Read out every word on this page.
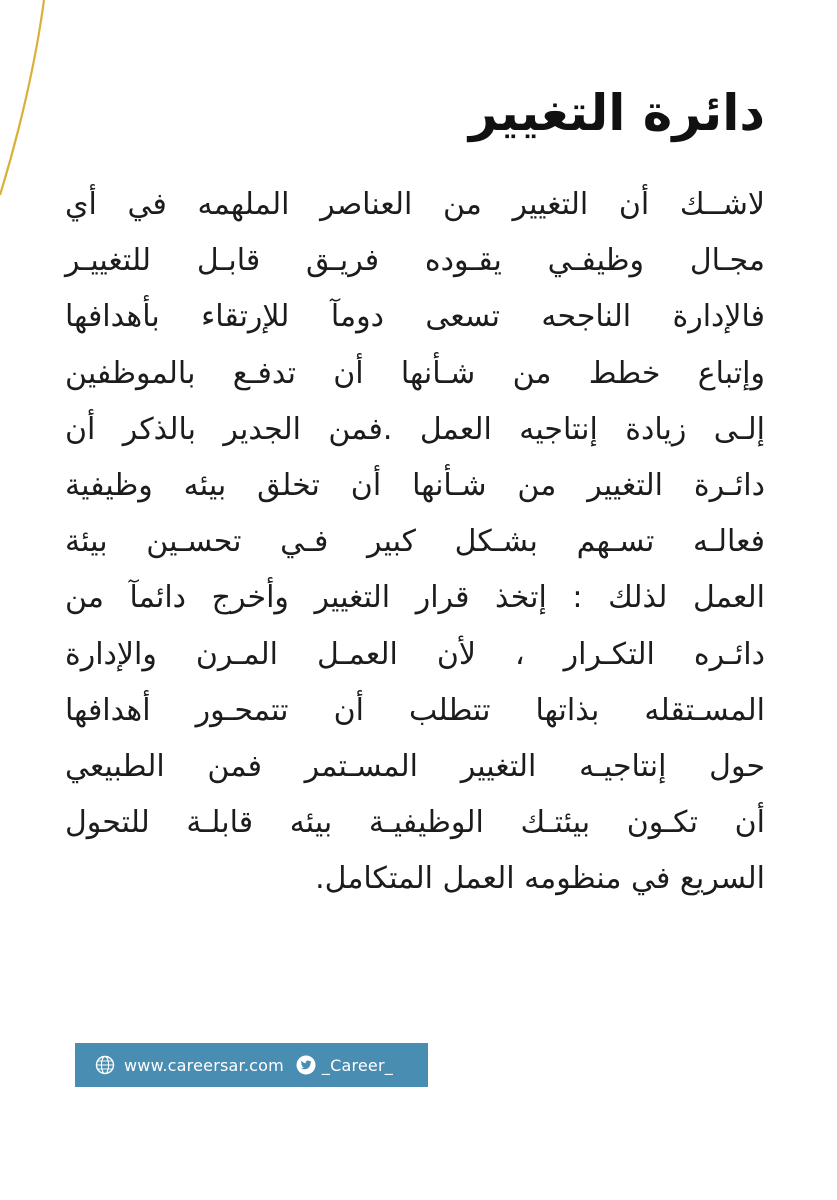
دائرة التغيير
لاشــك أن التغيير من العناصر الملهمه في أي
مجـال وظيفـي يقـوده فريـق قابـل للتغييـر
فالإدارة الناجحه تسعى دومآ للإرتقاء بأهدافها
وإتباع خطط من شـأنها أن تدفـع بالموظفين
إلـى زيادة إنتاجيه العمل .فمن الجدير بالذكر أن
دائـرة التغيير من شـأنها أن تخلق بيئه وظيفية
فعالـه تسـهم بشـكل كبير فـي تحسـين بيئة
العمل لذلك : إتخذ قرار التغيير وأخرج دائمآ من
دائـره التكـرار ، لأن العمـل المـرن والإدارة
المسـتقله بذاتها تتطلب أن تتمحـور أهدافها
حول إنتاجيـه التغيير المسـتمر فمن الطبيعي
أن تكـون بيئتـك الوظيفيـة بيئه قابلـة للتحول
السريع في منظومه العمل المتكامل.
www.careersar.com _Career_
